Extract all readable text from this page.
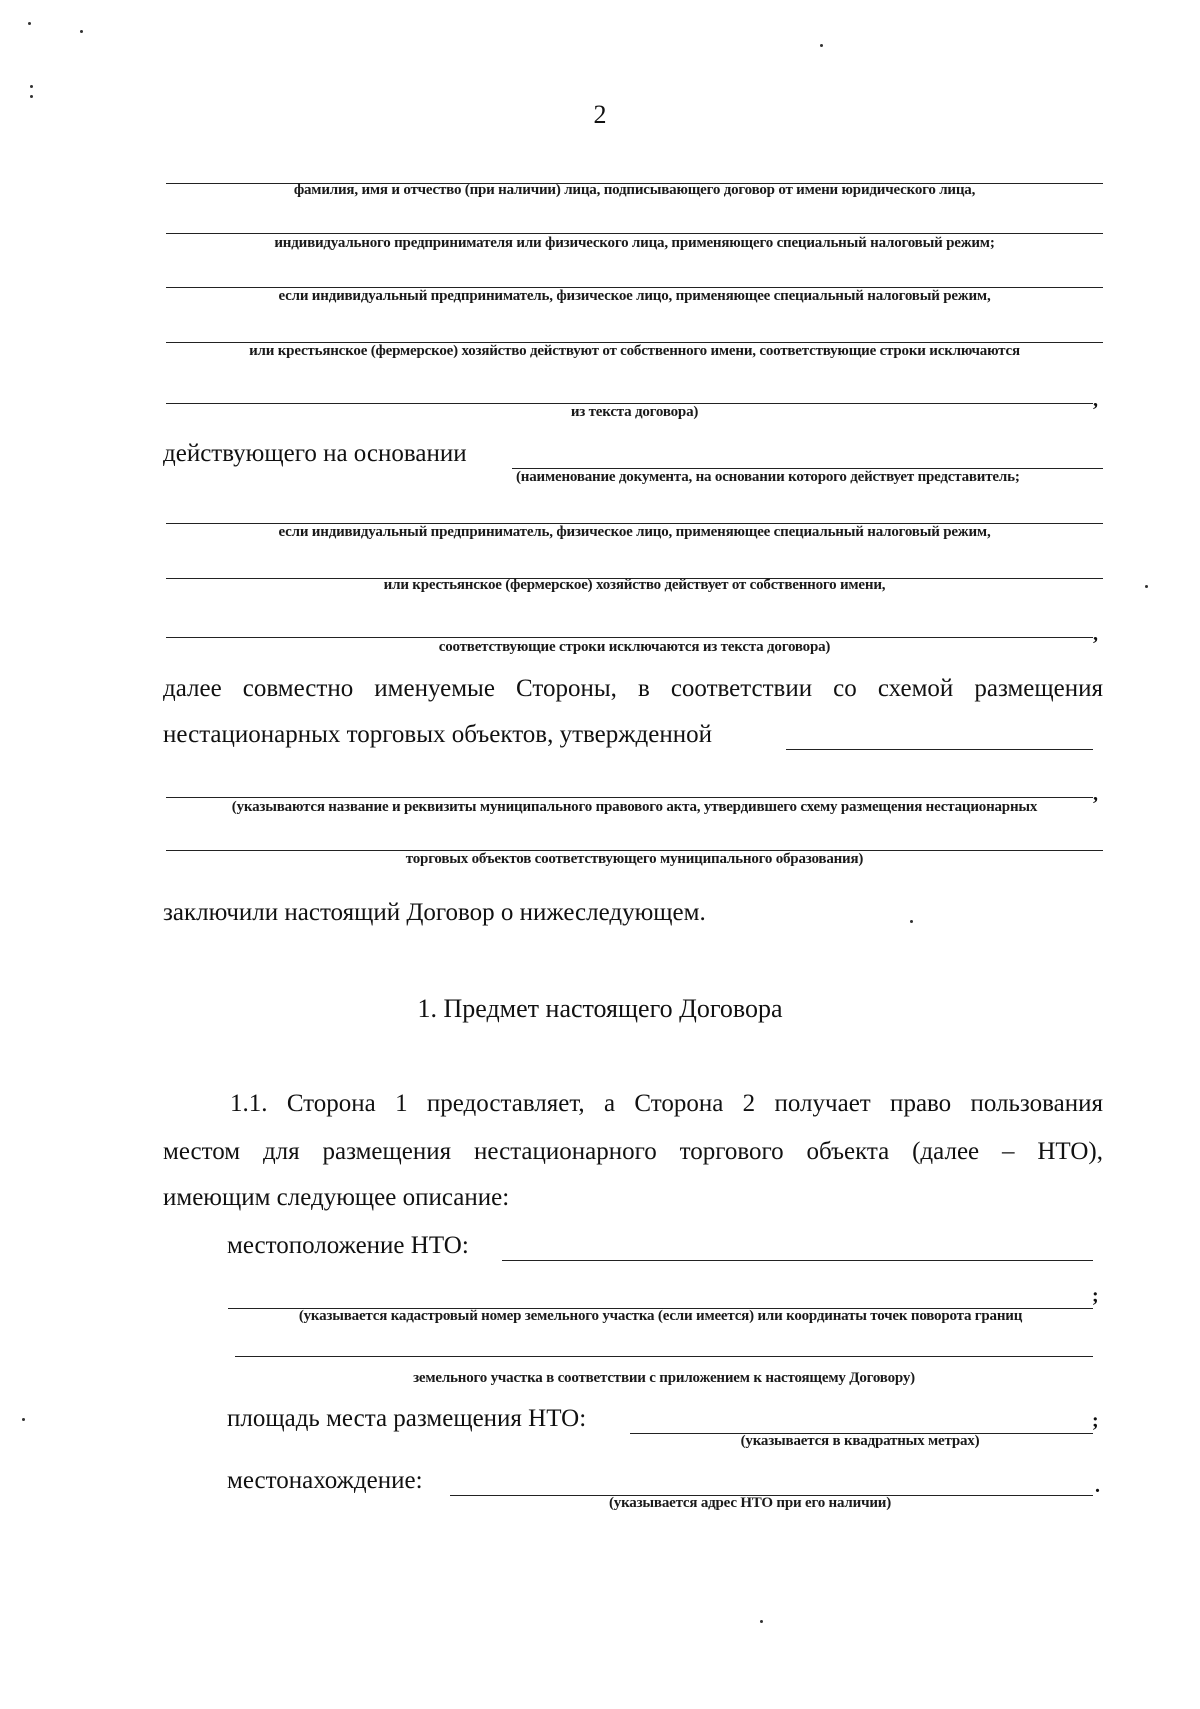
2
фамилия, имя и отчество (при наличии) лица, подписывающего договор от имени юридического лица,
индивидуального предпринимателя или физического лица, применяющего специальный налоговый режим;
если индивидуальный предприниматель, физическое лицо, применяющее специальный налоговый режим,
или крестьянское (фермерское) хозяйство действуют от собственного имени, соответствующие строки исключаются
,
из текста договора)
действующего на основании
(наименование документа, на основании которого действует представитель;
если индивидуальный предприниматель, физическое лицо, применяющее специальный налоговый режим,
или крестьянское (фермерское) хозяйство действует от собственного имени,
,
соответствующие строки исключаются из текста договора)
далее совместно именуемые Стороны, в соответствии со схемой размещения
нестационарных торговых объектов, утвержденной
,
(указываются название и реквизиты муниципального правового акта, утвердившего схему размещения нестационарных
торговых объектов соответствующего муниципального образования)
заключили настоящий Договор о нижеследующем.
1. Предмет настоящего Договора
1.1. Сторона 1 предоставляет, а Сторона 2 получает право пользования
местом для размещения нестационарного торгового объекта (далее – НТО),
имеющим следующее описание:
местоположение НТО:
;
(указывается кадастровый номер земельного участка (если имеется) или координаты точек поворота границ
земельного участка в соответствии с приложением к настоящему Договору)
площадь места размещения НТО:	;
(указывается в квадратных метрах)
местонахождение:	.
(указывается адрес НТО при его наличии)
